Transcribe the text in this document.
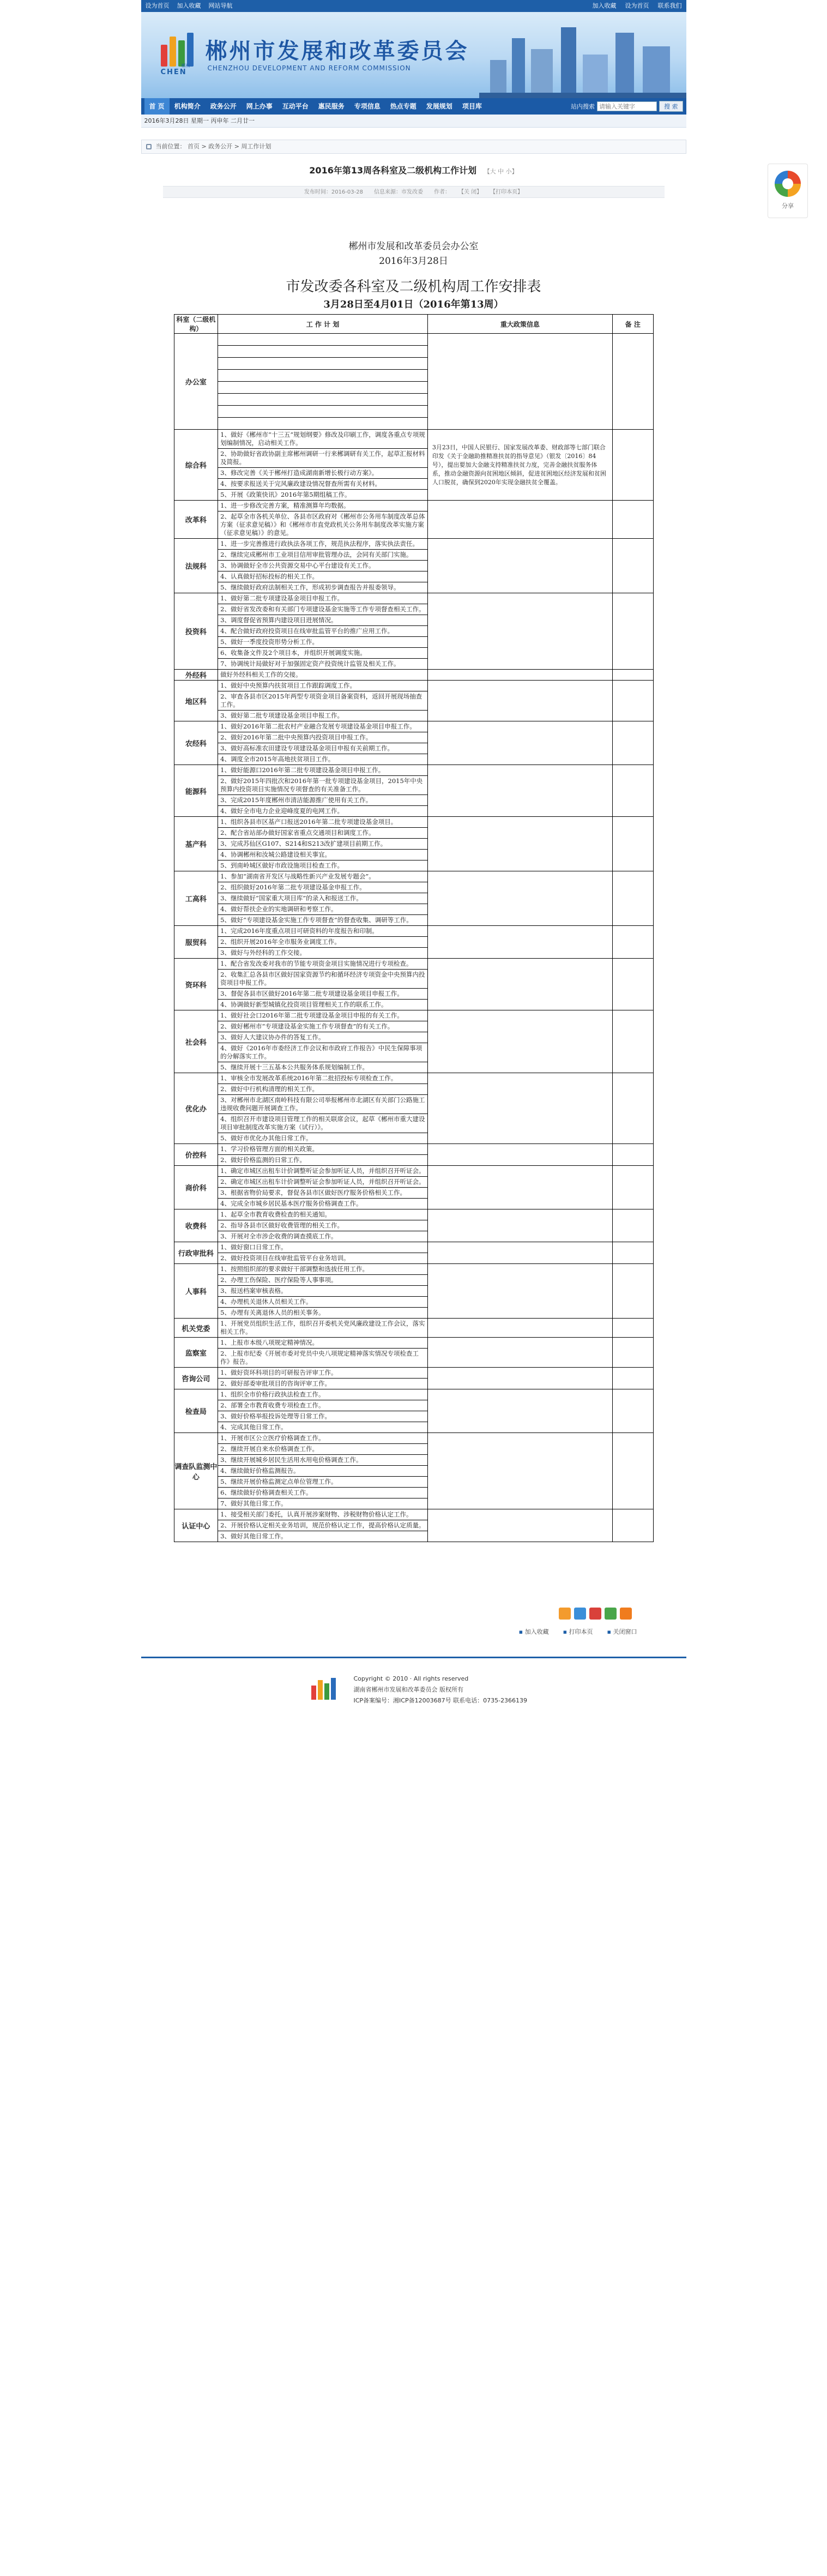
分享
设为首页 加入收藏 网站导航	加入收藏 设为首页 联系我们
郴州
CHEN
郴州市发展和改革委员会
CHENZHOU DEVELOPMENT AND REFORM COMMISSION
首 页	机构简介	政务公开	网上办事	互动平台	惠民服务	专项信息	热点专题	发展规划	项目库	站内搜索
请输入关键字	搜 索
2016年3月28日 星期一 丙申年 二月廿一
当前位置： 首页 > 政务公开 > 周工作计划
2016年第13周各科室及二级机构工作计划 【大 中 小】
发布时间：2016-03-28 信息来源：市发改委 作者： 【关 闭】 【打印本页】
郴州市发展和改革委员会办公室
2016年3月28日
市发改委各科室及二级机构周工作安排表
3月28日至4月01日（2016年第13周）
科室（二级机构）	工 作 计 划	重大政策信息	备 注
办公室			

综合科	1、做好《郴州市“十三五”规划纲要》修改及印刷工作，调度各重点专项规划编制情况，启动相关工作。	3月23日，中国人民银行、国家发展改革委、财政部等七部门联合印发《关于金融助推精准扶贫的指导意见》（银发〔2016〕84号），提出要加大金融支持精准扶贫力度，完善金融扶贫服务体系，推动金融资源向贫困地区倾斜，促进贫困地区经济发展和贫困人口脱贫，确保到2020年实现金融扶贫全覆盖。	
	2、协助做好省政协副主席郴州调研一行来郴调研有关工作，起草汇报材料及简报。		
	3、修改完善《关于郴州打造成湖南新增长极行动方案》。		
	4、按要求报送关于完风廉政建设情况督查所需有关材料。		
	5、开展《政策快讯》2016年第5期组稿工作。		
改革科	1、进一步修改完善方案，精准测算年均数据。		
	2、起草全市各机关单位、各县市区政府对《郴州市公务用车制度改革总体方案（征求意见稿）》和《郴州市市直党政机关公务用车制度改革实施方案（征求意见稿）》的意见。		
法规科	1、进一步完善推进行政执法各项工作，规范执法程序，落实执法责任。		
	2、继续完成郴州市工业项目信用审批管理办法，会同有关部门实施。		
	3、协调做好全市公共资源交易中心平台建设有关工作。		
	4、认真做好招标投标的相关工作。		
	5、继续做好政府法制相关工作，形成初步调查报告并报委领导。		
投资科	1、做好第二批专项建设基金项目申报工作。		
	2、做好省发改委和有关部门专项建设基金实施等工作专项督查相关工作。		
	3、调度督促省预算内建设项目进展情况。		
	4、配合做好政府投资项目在线审批监管平台的推广应用工作。		
	5、做好一季度投资形势分析工作。		
	6、收集备文件及2个项目本，并组织开展调度实施。		
	7、协调统计局做好对于加强固定资产投资统计监管及相关工作。		
外经科	做好外经科相关工作的交接。		
地区科	1、做好中央预算内扶贫项目工作跟踪调度工作。		
	2、审查各县市区2015年两型专项资金项目备案资料，返回开展现场抽查工作。		
	3、做好第二批专项建设基金项目申报工作。		
农经科	1、做好2016年第二批农村产业融合发展专项建设基金项目申报工作。		
	2、做好2016年第二批中央预算内投资项目申报工作。		
	3、做好高标准农田建设专项建设基金项目申报有关前期工作。		
	4、调度全市2015年高地扶贫项目工作。		
能源科	1、做好能源口2016年第二批专项建设基金项目申报工作。		
	2、做好2015年四批次和2016年第一批专项建设基金项目，2015年中央预算内投资项目实施情况专项督查的有关准备工作。		
	3、完成2015年度郴州市清洁能源推广使用有关工作。		
	4、做好全市电力企业迎峰度夏的电网工作。		
基产科	1、组织各县市区基产口报送2016年第二批专项建设基金项目。		
	2、配合省站部办做好国家省重点交通项目和调度工作。		
	3、完成苏仙区G107、S214和S213改扩建项目前期工作。		
	4、协调郴州和汝城公路建设相关事宜。		
	5、到南岭城区做好市政设施项目检查工作。		
工高科	1、参加“湖南省开发区与战略性新兴产业发展专题会”。		
	2、组织做好2016年第二批专项建设基金申报工作。		
	3、继续做好“国家重大项目库”的录入和报送工作。		
	4、做好帮扶企业的实地调研和考察工作。		
	5、做好“专项建设基金实施工作专项督查”的督查收集、调研等工作。		
服贸科	1、完成2016年度重点项目可研资料的年度报告和印制。		
	2、组织开展2016年全市服务业调度工作。		
	3、做好与外经科的工作交接。		
资环科	1、配合省发改委对我市的节能专项资金项目实施情况进行专项检查。		
	2、收集汇总各县市区做好国家资源节约和循环经济专项资金中央预算内投资项目申报工作。		
	3、督促各县市区做好2016年第二批专项建设基金项目申报工作。		
	4、协调做好新型城镇化投资项目管理相关工作的联系工作。		
社会科	1、做好社会口2016年第二批专项建设基金项目申报的有关工作。		
	2、做好郴州市“专项建设基金实施工作专项督查”的有关工作。		
	3、做好人大建议协办件的答复工作。		
	4、做好《2016年市委经济工作会议和市政府工作报告》中民生保障事项的分解落实工作。		
	5、继续开展十三五基本公共服务体系规划编制工作。		
优化办	1、审核全市发展改革系统2016年第二批招投标专项检查工作。		
	2、做好中行机构清理的相关工作。		
	3、对郴州市北湖区南岭科技有限公司举报郴州市北湖区有关部门公路施工违规收费问题开展调查工作。		
	4、组织召开市建设项目管理工作的相关联席会议，起草《郴州市重大建设项目审批制度改革实施方案（试行）》。		
	5、做好市优化办其他日常工作。		
价控科	1、学习价格管理方面的相关政策。		
	2、做好价格监测的日常工作。		
商价科	1、确定市城区出租车计价调整听证会参加听证人员，并组织召开听证会。		
	2、确定市城区出租车计价调整听证会参加听证人员，并组织召开听证会。		
	3、根据省物价局要求，督促各县市区做好医疗服务价格相关工作。		
	4、完成全市城乡居民基本医疗服务价格调查工作。		
收费科	1、起草全市教育收费检查的相关通知。		
	2、指导各县市区做好收费管理的相关工作。		
	3、开展对全市涉企收费的调查摸底工作。		
行政审批科	1、做好窗口日常工作。		
	2、做好投资项目在线审批监管平台业务培训。		
人事科	1、按照组织部的要求做好干部调整和选拔任用工作。		
	2、办理工伤保险、医疗保险等人事事项。		
	3、报送档案审核表格。		
	4、办理机关退休人员相关工作。		
	5、办理有关离退休人员的相关事务。		
机关党委	1、开展党员组织生活工作，组织召开委机关党风廉政建设工作会议，落实相关工作。		
监察室	1、上报市本级八项规定精神情况。		
	2、上报市纪委《开展市委对党员中央八项规定精神落实情况专项检查工作》报告。		
咨询公司	1、做好资环科项目的可研报告评审工作。		
	2、做好部委审批项目的咨询评审工作。		
检查局	1、组织全市价格行政执法检查工作。		
	2、部署全市教育收费专项检查工作。		
	3、做好价格举报投诉处理等日常工作。		
	4、完成其他日常工作。		
调查队监测中心	1、开展市区公立医疗价格调查工作。		
	2、继续开展自来水价格调查工作。		
	3、继续开展城乡居民生活用水用电价格调查工作。		
	4、继续做好价格监测报告。		
	5、继续开展价格监测定点单位管理工作。		
	6、继续做好价格调查相关工作。		
	7、做好其他日常工作。		
认证中心	1、接受相关部门委托，认真开展涉案财物、涉税财物价格认定工作。		
	2、开展价格认定相关业务培训，规范价格认定工作，提高价格认定质量。		
	3、做好其他日常工作。		
▪ 加入收藏	▪ 打印本页	▪ 关闭窗口
Copyright © 2010 · All rights reserved
湖南省郴州市发展和改革委员会 版权所有
ICP备案编号：湘ICP备12003687号 联系电话：0735-2366139
